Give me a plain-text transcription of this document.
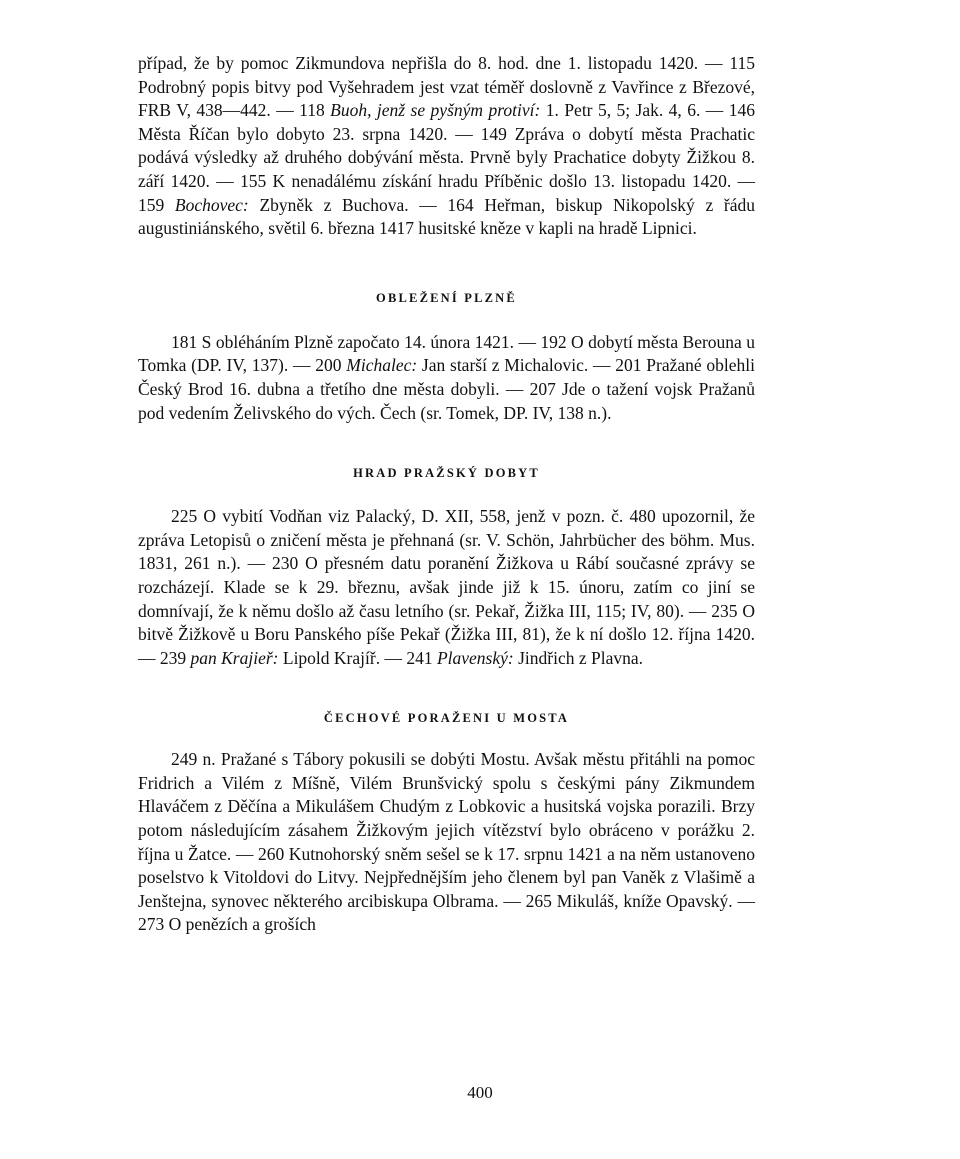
případ, že by pomoc Zikmundova nepřišla do 8. hod. dne 1. listopadu 1420. — 115 Podrobný popis bitvy pod Vyšehradem jest vzat téměř doslovně z Vavřince z Březové, FRB V, 438—442. — 118 Buoh, jenž se pyšným protiví: 1. Petr 5, 5; Jak. 4, 6. — 146 Města Říčan bylo dobyto 23. srpna 1420. — 149 Zpráva o dobytí města Prachatic podává výsledky až druhého dobývání města. Prvně byly Prachatice dobyty Žižkou 8. září 1420. — 155 K nenadálému získání hradu Příběnic došlo 13. listopadu 1420. — 159 Bochovec: Zbyněk z Buchova. — 164 Heřman, biskup Nikopolský z řádu augustiniánského, světil 6. března 1417 husitské kněze v kapli na hradě Lipnici.

OBLEŽENÍ PLZNĚ

181 S obléháním Plzně započato 14. února 1421. — 192 O dobytí města Berouna u Tomka (DP. IV, 137). — 200 Michalec: Jan starší z Michalovic. — 201 Pražané oblehli Český Brod 16. dubna a třetího dne města dobyli. — 207 Jde o tažení vojsk Pražanů pod vedením Želivského do vých. Čech (sr. Tomek, DP. IV, 138 n.).

HRAD PRAŽSKÝ DOBYT

225 O vybití Vodňan viz Palacký, D. XII, 558, jenž v pozn. č. 480 upozornil, že zpráva Letopisů o zničení města je přehnaná (sr. V. Schön, Jahrbücher des böhm. Mus. 1831, 261 n.). — 230 O přesném datu poranění Žižkova u Rábí současné zprávy se rozcházejí. Klade se k 29. březnu, avšak jinde již k 15. únoru, zatím co jiní se domnívají, že k němu došlo až času letního (sr. Pekař, Žižka III, 115; IV, 80). — 235 O bitvě Žižkově u Boru Panského píše Pekař (Žižka III, 81), že k ní došlo 12. října 1420. — 239 pan Krajieř: Lipold Krajíř. — 241 Plavenský: Jindřich z Plavna.

ČECHOVÉ PORAŽENI U MOSTA

249 n. Pražané s Tábory pokusili se dobýti Mostu. Avšak městu přitáhli na pomoc Fridrich a Vilém z Míšně, Vilém Brunšvický spolu s českými pány Zikmundem Hlaváčem z Děčína a Mikulášem Chudým z Lobkovic a husitská vojska porazili. Brzy potom následujícím zásahem Žižkovým jejich vítězství bylo obráceno v porážku 2. října u Žatce. — 260 Kutnohorský sněm sešel se k 17. srpnu 1421 a na něm ustanoveno poselstvo k Vitoldovi do Litvy. Nejpřednějším jeho členem byl pan Vaněk z Vlašimě a Jenštejna, synovec některého arcibiskupa Olbrama. — 265 Mikuláš, kníže Opavský. — 273 O penězích a groších

400
